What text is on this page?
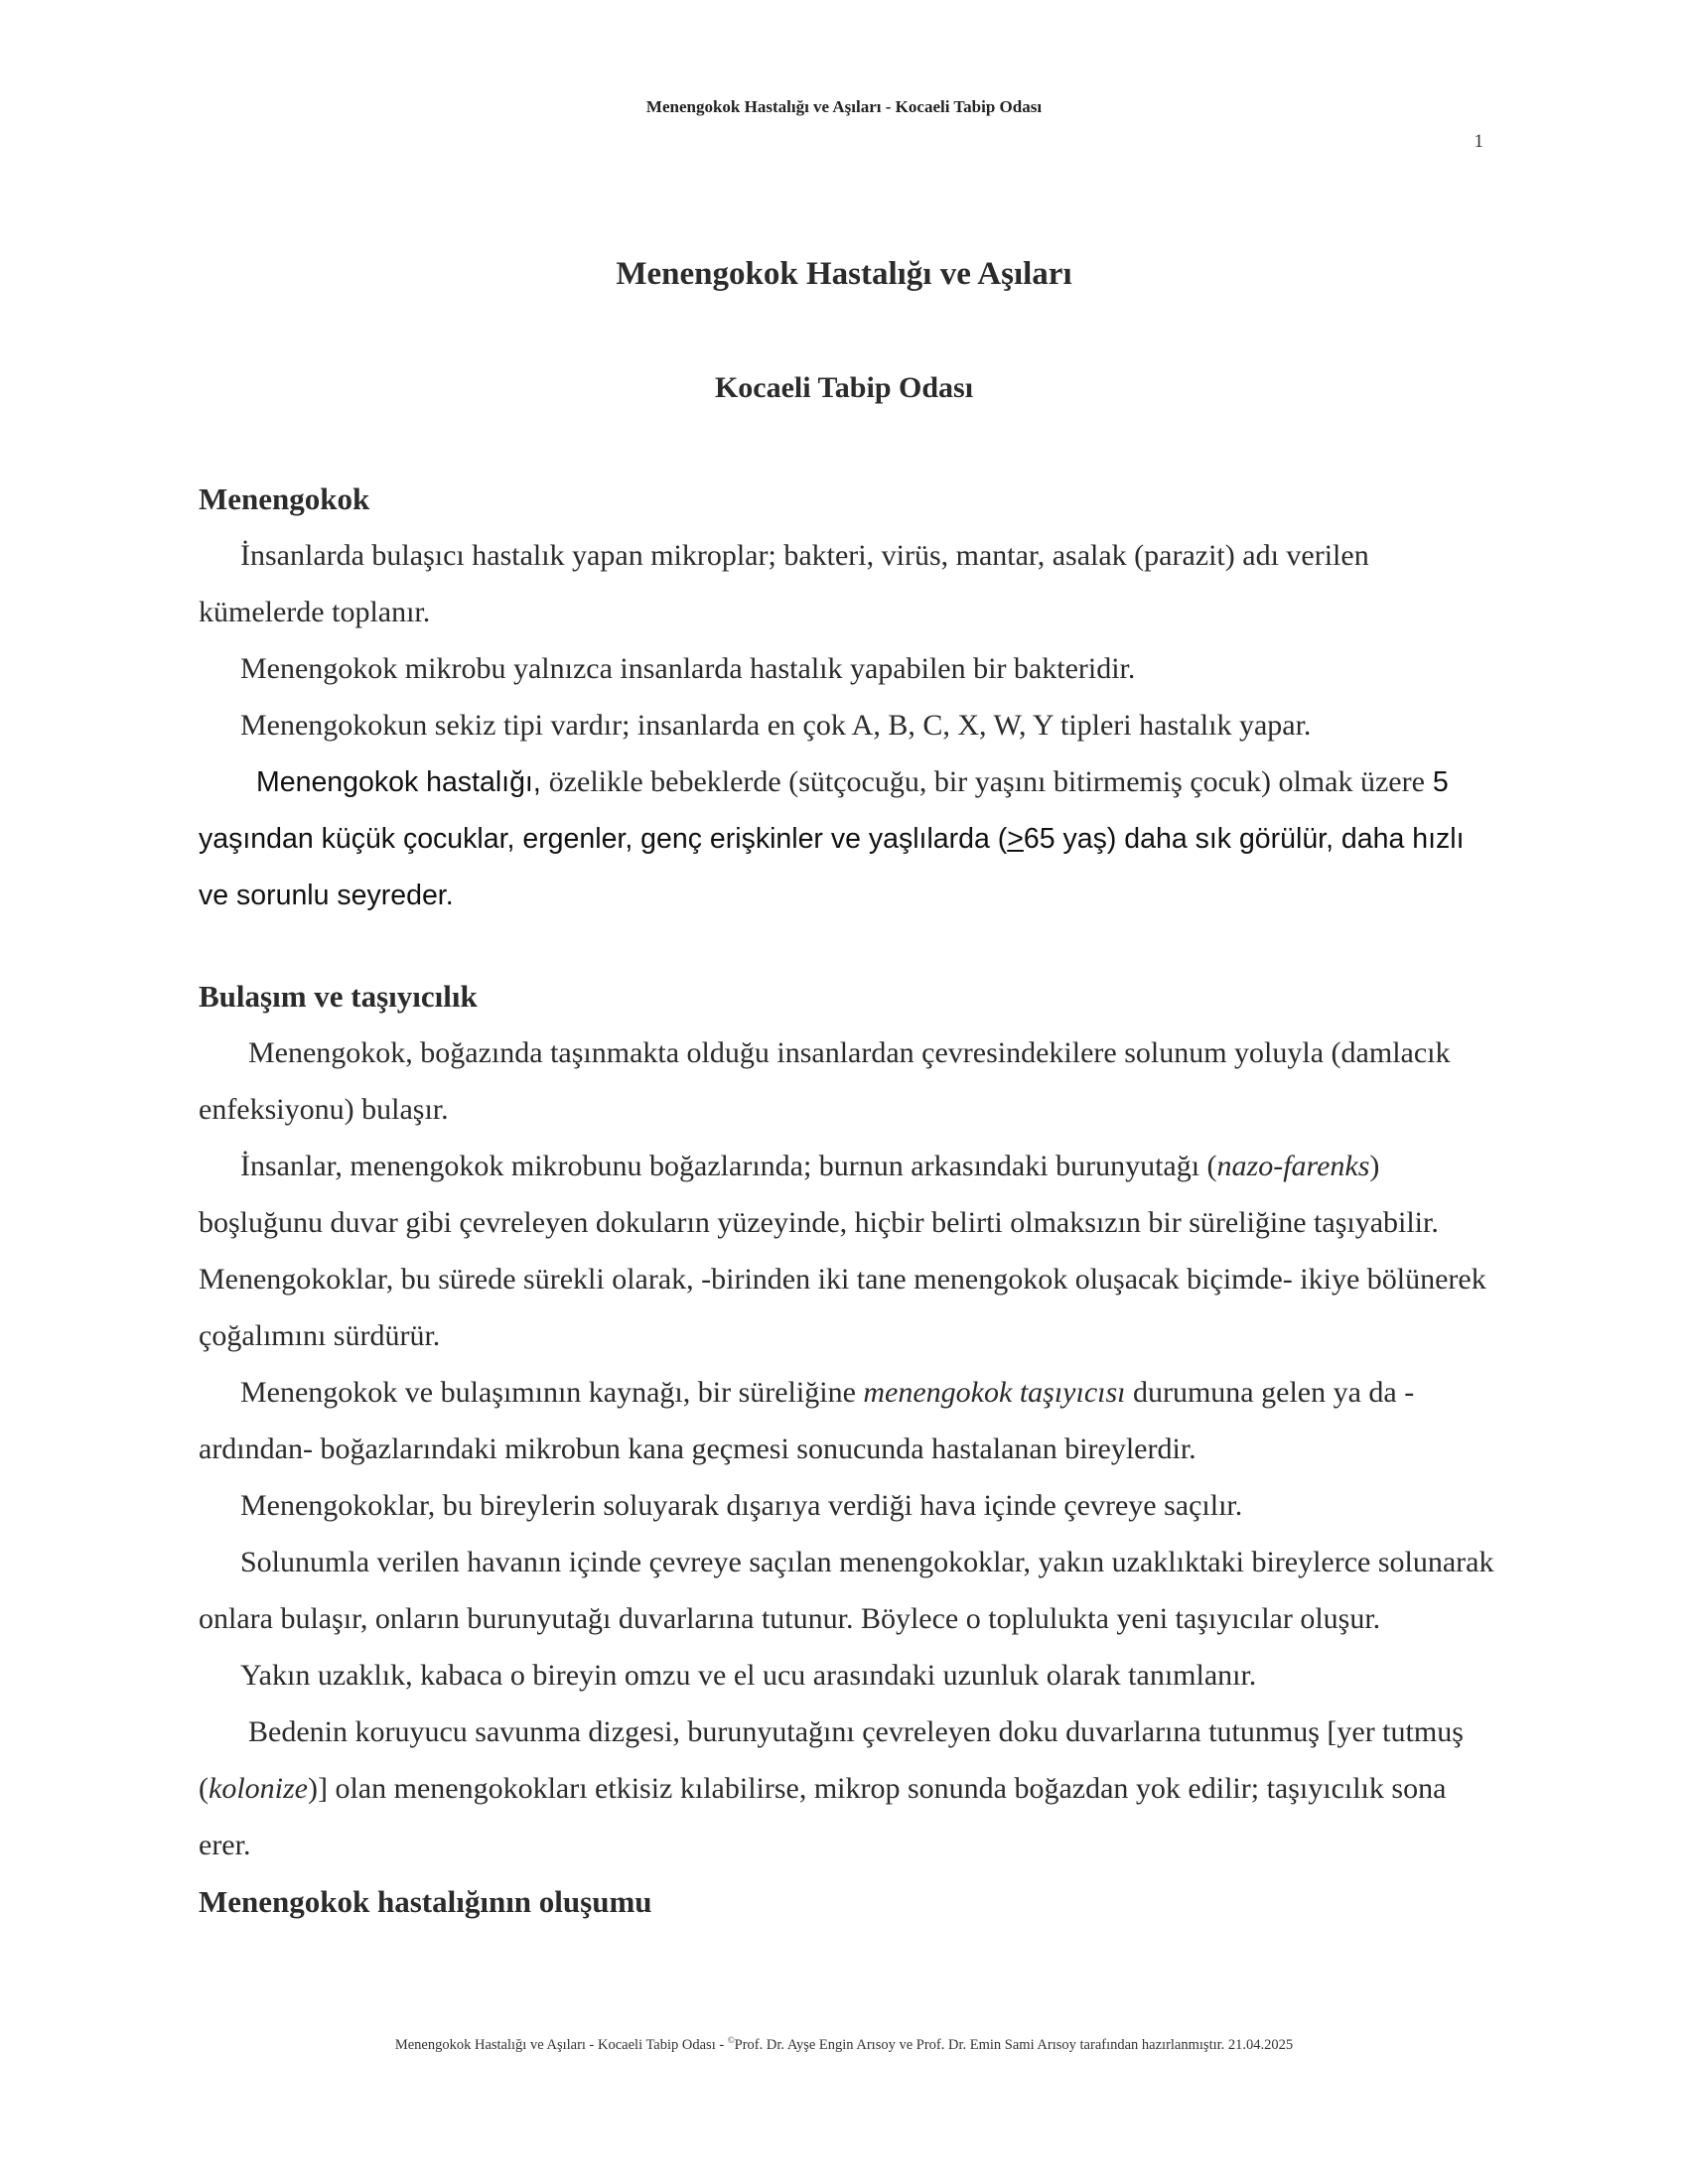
Menengokok Hastalığı ve Aşıları - Kocaeli Tabip Odası
1
Menengokok Hastalığı ve Aşıları
Kocaeli Tabip Odası
Menengokok

İnsanlarda bulaşıcı hastalık yapan mikroplar; bakteri, virüs, mantar, asalak (parazit) adı verilen kümelerde toplanır.

Menengokok mikrobu yalnızca insanlarda hastalık yapabilen bir bakteridir.

Menengokokun sekiz tipi vardır; insanlarda en çok A, B, C, X, W, Y tipleri hastalık yapar.

Menengokok hastalığı, özelikle bebeklerde (sütçocuğu, bir yaşını bitirmemiş çocuk) olmak üzere 5 yaşından küçük çocuklar, ergenler, genç erişkinler ve yaşlılarda (≥65 yaş) daha sık görülür, daha hızlı ve sorunlu seyreder.

Bulaşım ve taşıyıcılık

Menengokok, boğazında taşınmakta olduğu insanlardan çevresindekilere solunum yoluyla (damlacık enfeksiyonu) bulaşır.

İnsanlar, menengokok mikrobunu boğazlarında; burnun arkasındaki burunyutağı (nazo-farenks) boşluğunu duvar gibi çevreleyen dokuların yüzeyinde, hiçbir belirti olmaksızın bir süreliğine taşıyabilir. Menengokoklar, bu sürede sürekli olarak, -birinden iki tane menengokok oluşacak biçimde- ikiye bölünerek çoğalımını sürdürür.

Menengokok ve bulaşımının kaynağı, bir süreliğine menengokok taşıyıcısı durumuna gelen ya da -ardından- boğazlarındaki mikrobun kana geçmesi sonucunda hastalanan bireylerdir.

Menengokoklar, bu bireylerin soluyarak dışarıya verdiği hava içinde çevreye saçılır.

Solunumla verilen havanın içinde çevreye saçılan menengokoklar, yakın uzaklıktaki bireylerce solunarak onlara bulaşır, onların burunyutağı duvarlarına tutunur. Böylece o toplulukta yeni taşıyıcılar oluşur.

Yakın uzaklık, kabaca o bireyin omzu ve el ucu arasındaki uzunluk olarak tanımlanır.

Bedenin koruyucu savunma dizgesi, burunyutağını çevreleyen doku duvarlarına tutunmuş [yer tutmuş (kolonize)] olan menengokokları etkisiz kılabilirse, mikrop sonunda boğazdan yok edilir; taşıyıcılık sona erer.

Menengokok hastalığının oluşumu
Menengokok Hastalığı ve Aşıları - Kocaeli Tabip Odası - ©Prof. Dr. Ayşe Engin Arısoy ve Prof. Dr. Emin Sami Arısoy tarafından hazırlanmıştır. 21.04.2025
